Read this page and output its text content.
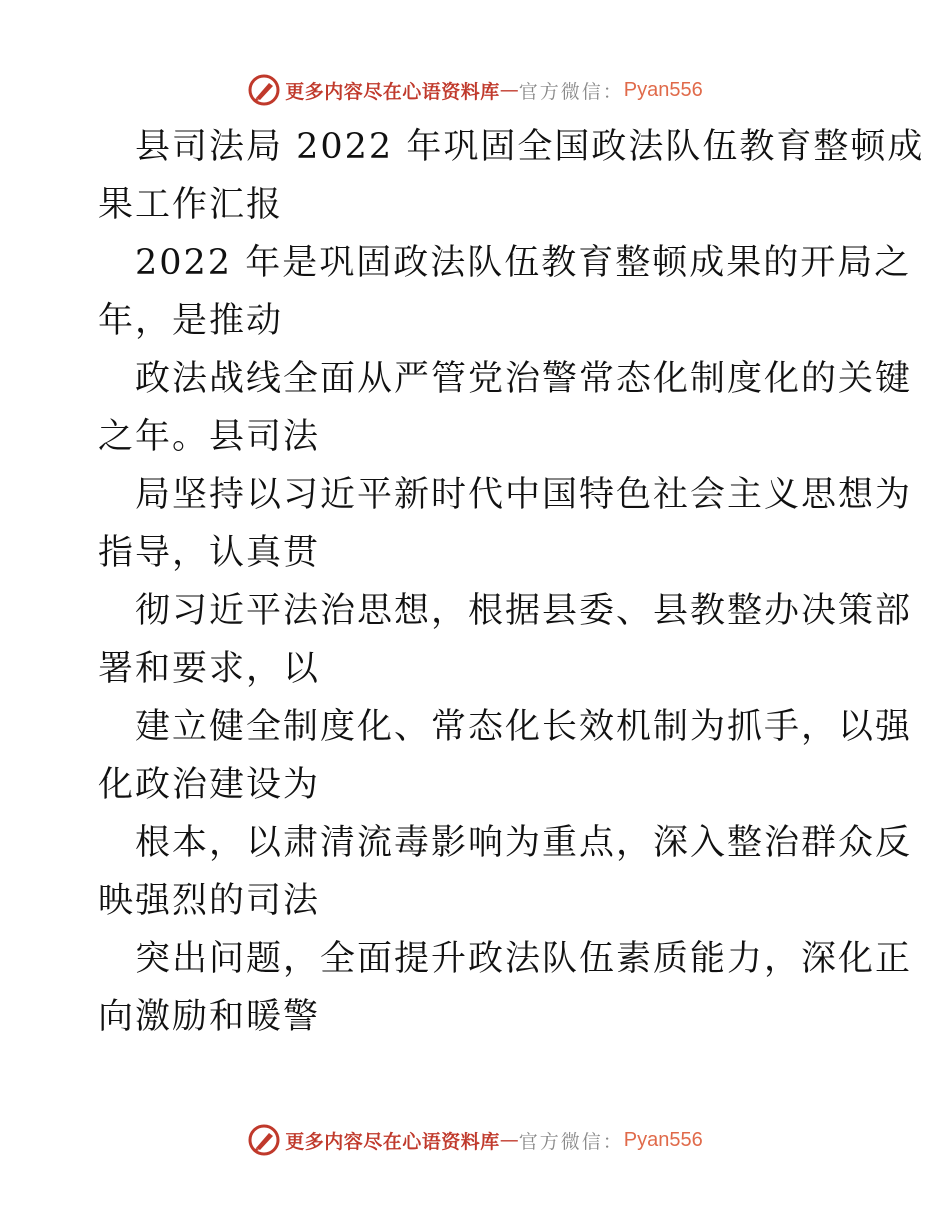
更多内容尽在心语资料库 — 官方微信： Pyan556
县司法局 2022 年巩固全国政法队伍教育整顿成
果工作汇报
2022 年是巩固政法队伍教育整顿成果的开局之
年，是推动
政法战线全面从严管党治警常态化制度化的关键
之年。县司法
局坚持以习近平新时代中国特色社会主义思想为
指导，认真贯
彻习近平法治思想，根据县委、县教整办决策部
署和要求，以
建立健全制度化、常态化长效机制为抓手，以强
化政治建设为
根本，以肃清流毒影响为重点，深入整治群众反
映强烈的司法
突出问题，全面提升政法队伍素质能力，深化正
向激励和暖警
更多内容尽在心语资料库 — 官方微信： Pyan556
